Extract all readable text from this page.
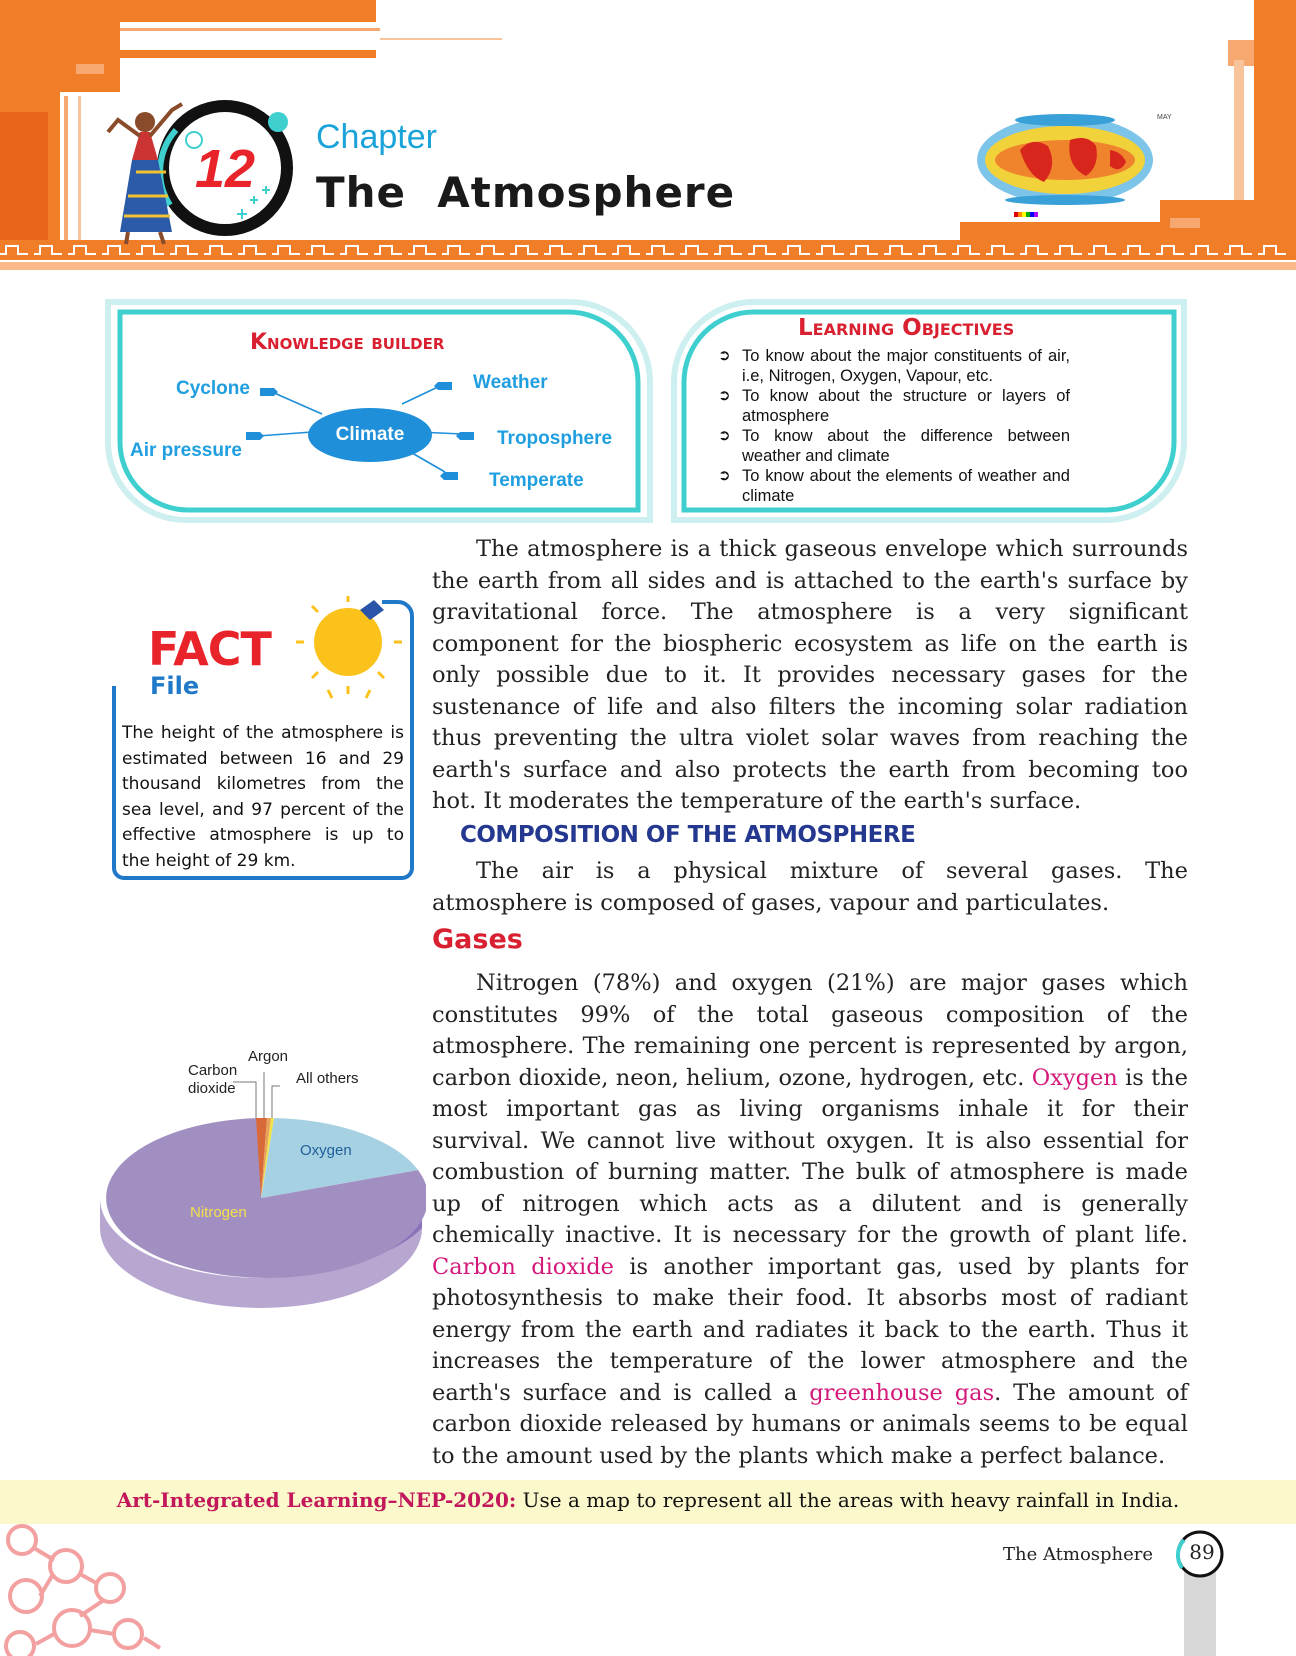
12
Chapter
The  Atmosphere
MAY
Knowledge builder
Climate
Cyclone
Air pressure
Weather
Troposphere
Temperate
Learning Objectives
➲ To know about the major constituents of air, i.e, Nitrogen, Oxygen, Vapour, etc.
➲ To know about the structure or layers of atmosphere
➲ To know about the difference between weather and climate
➲ To know about the elements of weather and climate
FACT
File
The height of the atmosphere is estimated between 16 and 29 thousand kilometres from the sea level, and 97 percent of the effective atmosphere is up to the height of 29 km.
The atmosphere is a thick gaseous envelope which surrounds the earth from all sides and is attached to the earth's surface by gravitational force. The atmosphere is a very significant component for the biospheric ecosystem as life on the earth is only possible due to it. It provides necessary gases for the sustenance of life and also filters the incoming solar radiation thus preventing the ultra violet solar waves from reaching the earth's surface and also protects the earth from becoming too hot. It moderates the temperature of the earth's surface.
COMPOSITION OF THE ATMOSPHERE
The air is a physical mixture of several gases. The atmosphere is composed of gases, vapour and particulates.
Gases
Nitrogen (78%) and oxygen (21%) are major gases which constitutes 99% of the total gaseous composition of the atmosphere. The remaining one percent is represented by argon, carbon dioxide, neon, helium, ozone, hydrogen, etc. Oxygen is the most important gas as living organisms inhale it for their survival. We cannot live without oxygen. It is also essential for combustion of burning matter. The bulk of atmosphere is made up of nitrogen which acts as a dilutent and is generally chemically inactive. It is necessary for the growth of plant life. Carbon dioxide is another important gas, used by plants for photosynthesis to make their food. It absorbs most of radiant energy from the earth and radiates it back to the earth. Thus it increases the temperature of the lower atmosphere and the earth's surface and is called a greenhouse gas. The amount of carbon dioxide released by humans or animals seems to be equal to the amount used by the plants which make a perfect balance.
Carbon
dioxide
Argon
All others
Oxygen
Nitrogen
Art-Integrated Learning–NEP-2020: Use a map to represent all the areas with heavy rainfall in India.
The Atmosphere	89
